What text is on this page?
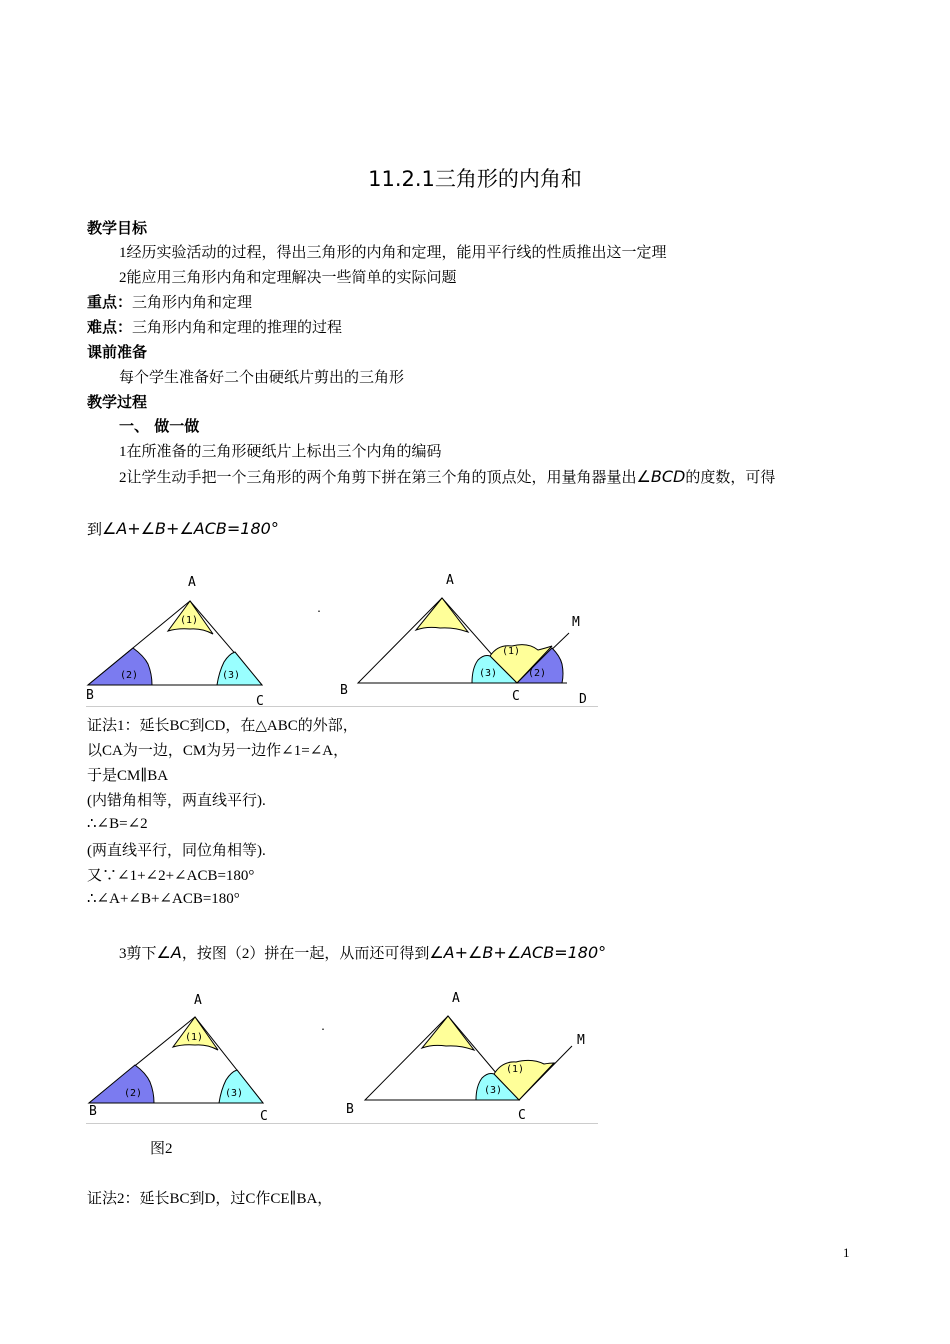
11.2.1三角形的内角和
教学目标
1经历实验活动的过程，得出三角形的内角和定理，能用平行线的性质推出这一定理
2能应用三角形内角和定理解决一些简单的实际问题
重点：三角形内角和定理
难点：三角形内角和定理的推理的过程
课前准备
每个学生准备好二个由硬纸片剪出的三角形
教学过程
一、 做一做
1在所准备的三角形硬纸片上标出三个内角的编码
2让学生动手把一个三角形的两个角剪下拼在第三个角的顶点处，用量角器量出∠BCD的度数，可得
到∠A+∠B+∠ACB=180°
(1)
(2)	(3)
A
B	C
.
(1)
(2)
(3)
A
B	C	D
M
证法1：延长BC到CD，在△ABC的外部，
以CA为一边，CM为另一边作∠1=∠A，
于是CM∥BA
(内错角相等，两直线平行).
∴∠B=∠2
(两直线平行，同位角相等).
又∵∠1+∠2+∠ACB=180°
∴∠A+∠B+∠ACB=180°
3剪下∠A，按图（2）拼在一起，从而还可得到∠A+∠B+∠ACB=180°
(1)
(2)	(3)
A
B	C
.
(1)
(3)
A
B	C
M
图2
证法2：延长BC到D，过C作CE∥BA，
1
